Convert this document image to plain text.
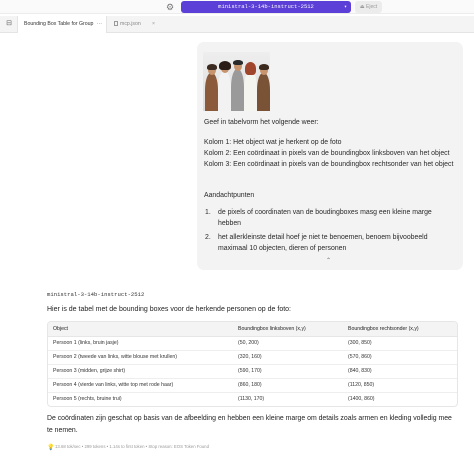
⚙	ministral-3-14b-instruct-2512	▾	⏏ Eject
⊟	Bounding Box Table for Group ···	mcp.json ×
Geef in tabelvorm het volgende weer:
Kolom 1: Het object wat je herkent op de foto
Kolom 2: Een coördinaat in pixels van de boundingbox linksboven van het object
Kolom 3: Een coördinaat in pixels van de boundingbox rechtsonder van het object
Aandachtpunten
1. de pixels of coordinaten van de boudingboxes masg een kleine marge hebben
2. het allerkleinste detail hoef je niet te benoemen, benoem bijvoobeeld maximaal 10 objecten, dieren of personen
⌃
ministral-3-14b-instruct-2512
Hier is de tabel met de bounding boxes voor de herkende personen op de foto:
Object	Boundingbox linksboven (x,y)	Boundingbox rechtsonder (x,y)
Persoon 1 (links, bruin jasje)	(50, 200)	(300, 850)
Persoon 2 (tweede van links, witte blouse met krullen)	(320, 160)	(570, 860)
Persoon 3 (midden, grijze shirt)	(590, 170)	(840, 830)
Persoon 4 (vierde van links, witte top met rode haar)	(860, 180)	(1120, 850)
Persoon 5 (rechts, bruine trui)	(1130, 170)	(1400, 860)
De coördinaten zijn geschat op basis van de afbeelding en hebben een kleine marge om details zoals armen en kleding volledig mee te nemen.
💡13.68 tok/sec • 299 tokens • 1.14s to first token • Stop reason: EOS Token Found
